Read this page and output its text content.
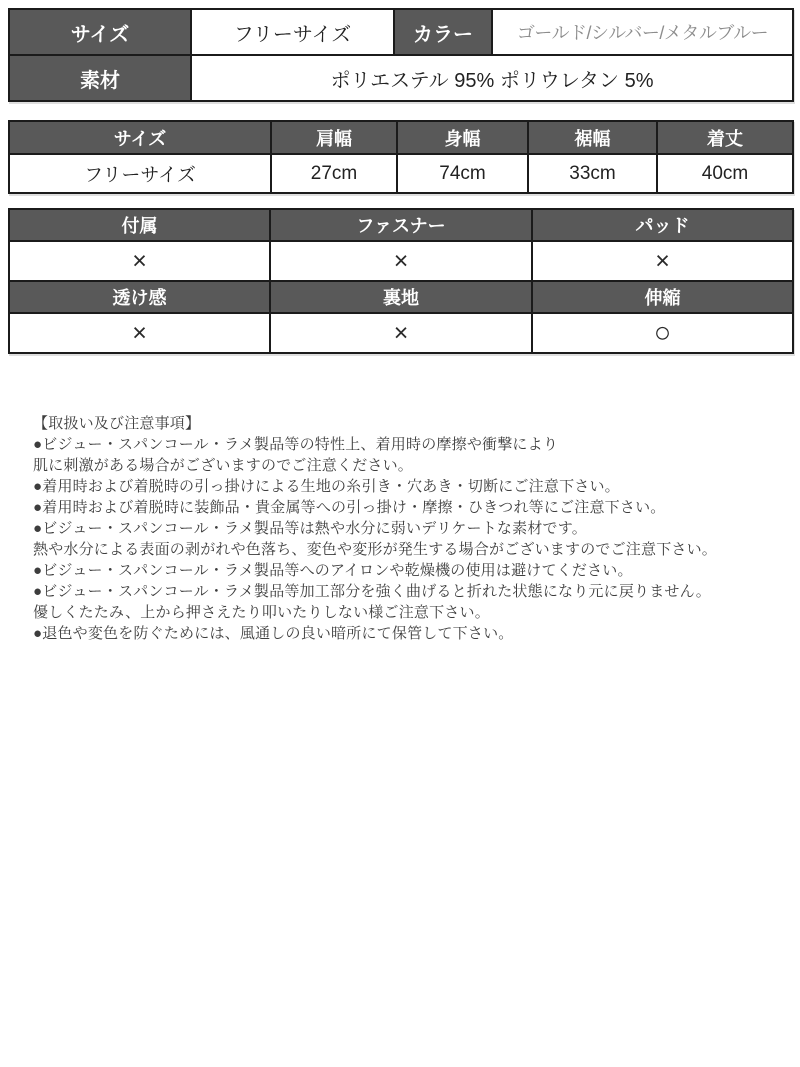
サイズ	フリーサイズ	カラー	ゴールド/シルバー/メタルブルー
素材	ポリエステル 95% ポリウレタン 5%		
サイズ	肩幅	身幅	裾幅	着丈
フリーサイズ	27cm	74cm	33cm	40cm
付属	ファスナー	パッド
×	×	×
透け感	裏地	伸縮
×	×	○
【取扱い及び注意事項】
●ビジュー・スパンコール・ラメ製品等の特性上、着用時の摩擦や衝撃により
肌に刺激がある場合がございますのでご注意ください。
●着用時および着脱時の引っ掛けによる生地の糸引き・穴あき・切断にご注意下さい。
●着用時および着脱時に装飾品・貴金属等への引っ掛け・摩擦・ひきつれ等にご注意下さい。
●ビジュー・スパンコール・ラメ製品等は熱や水分に弱いデリケートな素材です。
熱や水分による表面の剥がれや色落ち、変色や変形が発生する場合がございますのでご注意下さい。
●ビジュー・スパンコール・ラメ製品等へのアイロンや乾燥機の使用は避けてください。
●ビジュー・スパンコール・ラメ製品等加工部分を強く曲げると折れた状態になり元に戻りません。
優しくたたみ、上から押さえたり叩いたりしない様ご注意下さい。
●退色や変色を防ぐためには、風通しの良い暗所にて保管して下さい。
